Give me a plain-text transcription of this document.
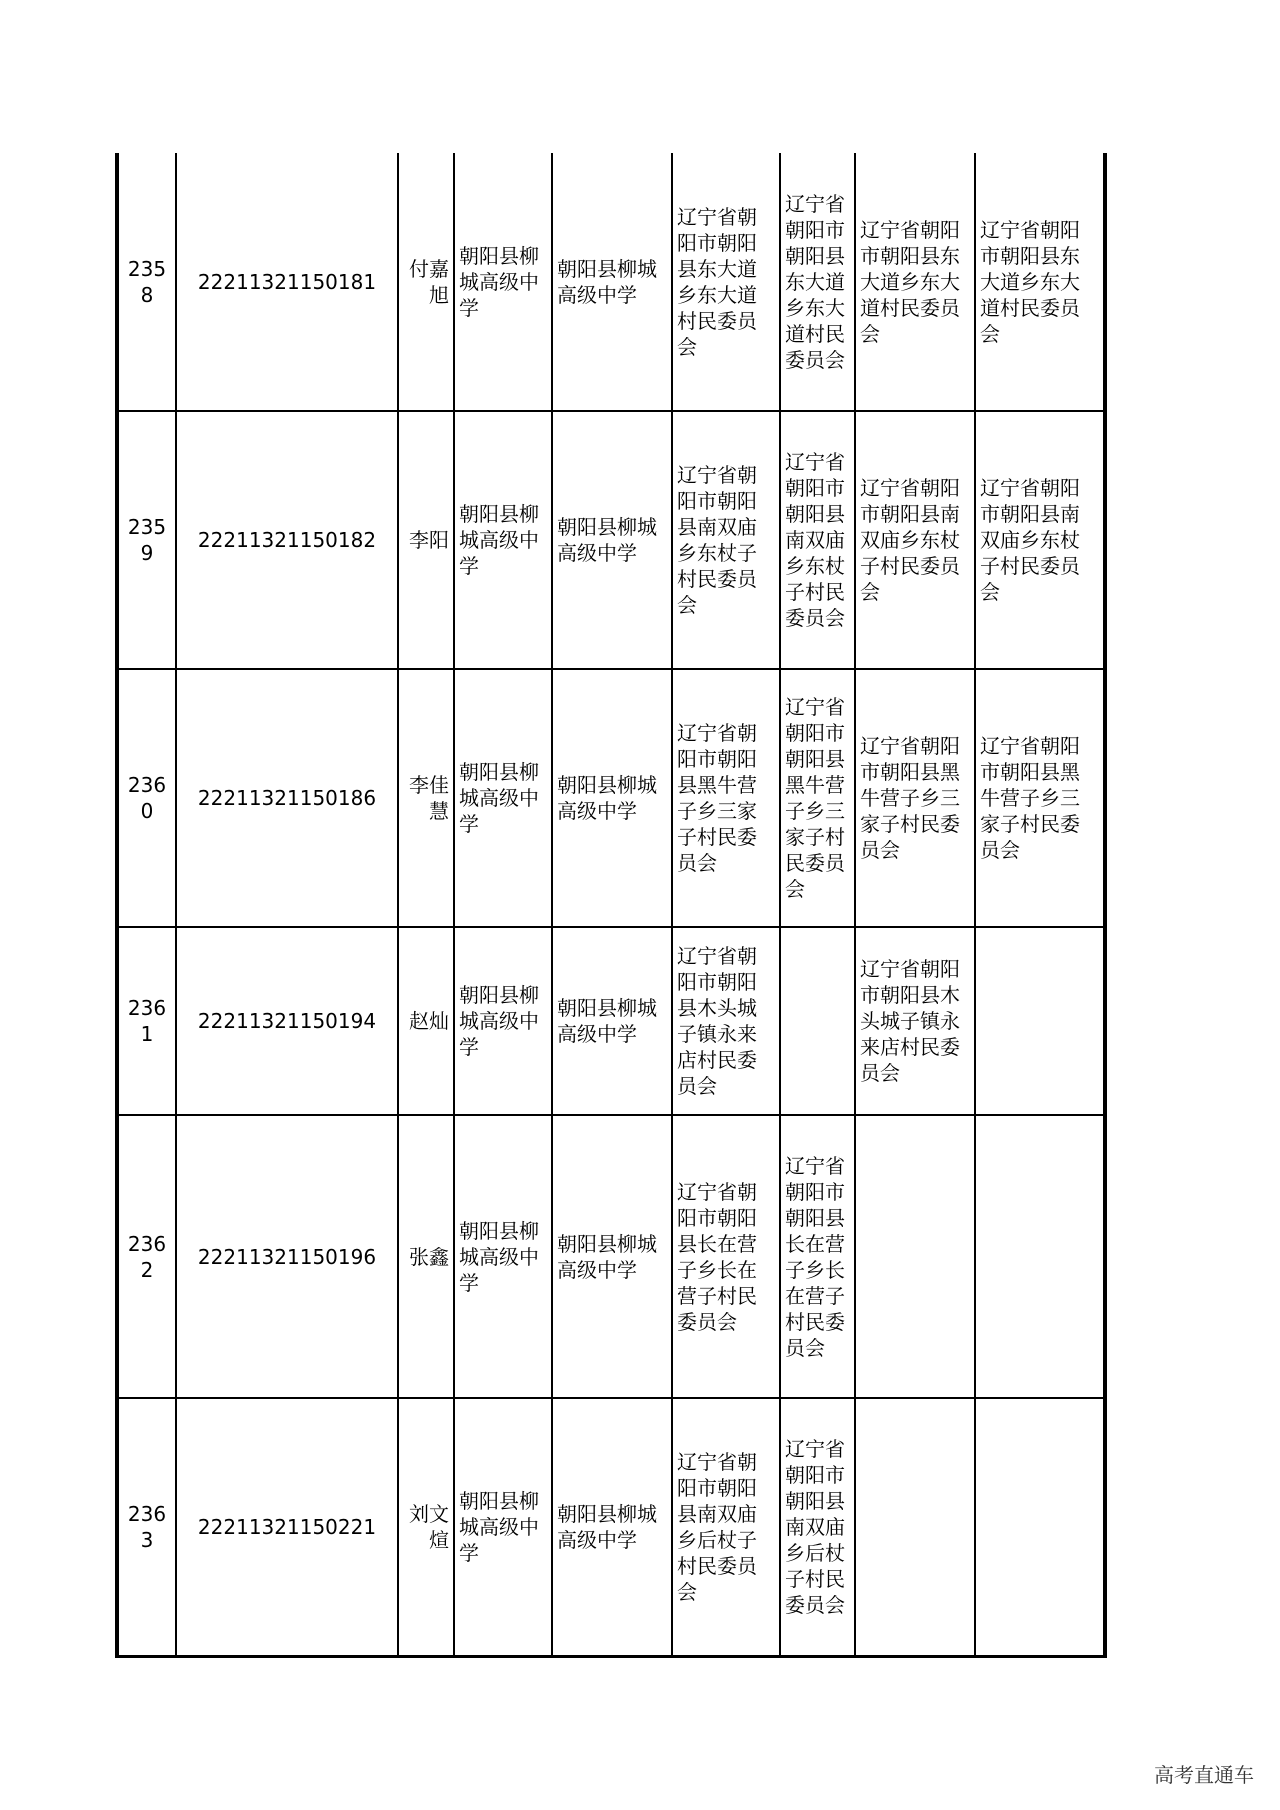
2358	22211321150181	付嘉旭	朝阳县柳城高级中学	朝阳县柳城高级中学	辽宁省朝阳市朝阳县东大道乡东大道村民委员会	辽宁省朝阳市朝阳县东大道乡东大道村民委员会	辽宁省朝阳市朝阳县东大道乡东大道村民委员会	辽宁省朝阳市朝阳县东大道乡东大道村民委员会
2359	22211321150182	李阳	朝阳县柳城高级中学	朝阳县柳城高级中学	辽宁省朝阳市朝阳县南双庙乡东杖子村民委员会	辽宁省朝阳市朝阳县南双庙乡东杖子村民委员会	辽宁省朝阳市朝阳县南双庙乡东杖子村民委员会	辽宁省朝阳市朝阳县南双庙乡东杖子村民委员会
2360	22211321150186	李佳慧	朝阳县柳城高级中学	朝阳县柳城高级中学	辽宁省朝阳市朝阳县黑牛营子乡三家子村民委员会	辽宁省朝阳市朝阳县黑牛营子乡三家子村民委员会	辽宁省朝阳市朝阳县黑牛营子乡三家子村民委员会	辽宁省朝阳市朝阳县黑牛营子乡三家子村民委员会
2361	22211321150194	赵灿	朝阳县柳城高级中学	朝阳县柳城高级中学	辽宁省朝阳市朝阳县木头城子镇永来店村民委员会		辽宁省朝阳市朝阳县木头城子镇永来店村民委员会	
2362	22211321150196	张鑫	朝阳县柳城高级中学	朝阳县柳城高级中学	辽宁省朝阳市朝阳县长在营子乡长在营子村民委员会	辽宁省朝阳市朝阳县长在营子乡长在营子村民委员会		
2363	22211321150221	刘文煊	朝阳县柳城高级中学	朝阳县柳城高级中学	辽宁省朝阳市朝阳县南双庙乡后杖子村民委员会	辽宁省朝阳市朝阳县南双庙乡后杖子村民委员会		
高考直通车
